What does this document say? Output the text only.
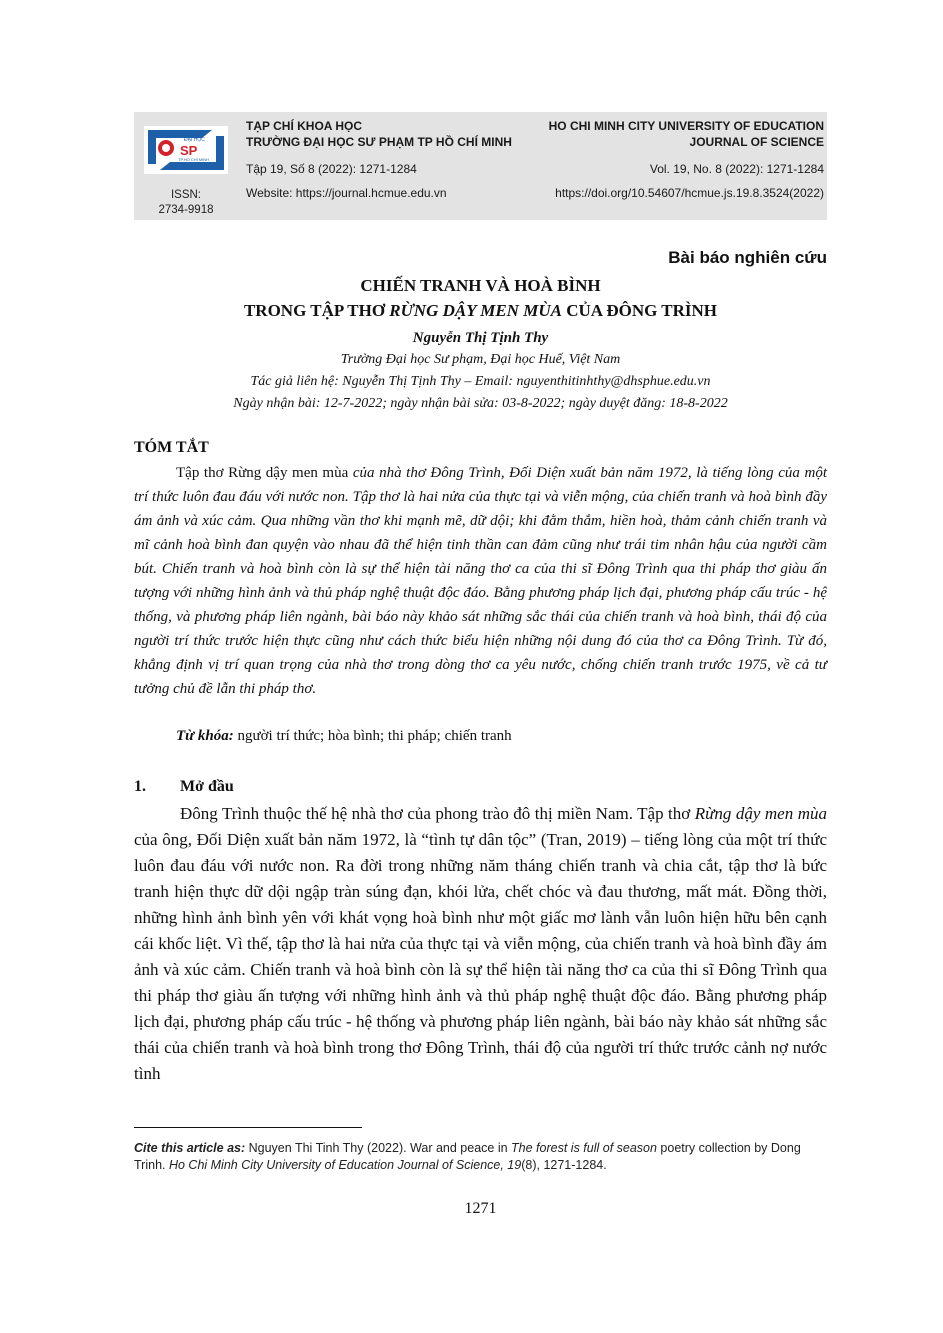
ĐẠI HỌC
SP
TP.HỒ CHÍ MINH
ISSN:
2734-9918
TẠP CHÍ KHOA HỌC
TRƯỜNG ĐẠI HỌC SƯ PHẠM TP HỒ CHÍ MINH
Tập 19, Số 8 (2022): 1271-1284
Website: https://journal.hcmue.edu.vn
HO CHI MINH CITY UNIVERSITY OF EDUCATION
JOURNAL OF SCIENCE
Vol. 19, No. 8 (2022): 1271-1284
https://doi.org/10.54607/hcmue.js.19.8.3524(2022)
Bài báo nghiên cứu
CHIẾN TRANH VÀ HOÀ BÌNH
TRONG TẬP THƠ RỪNG DẬY MEN MÙA CỦA ĐÔNG TRÌNH
Nguyễn Thị Tịnh Thy
Trường Đại học Sư phạm, Đại học Huế, Việt Nam
Tác giả liên hệ: Nguyễn Thị Tịnh Thy – Email: nguyenthitinhthy@dhsphue.edu.vn
Ngày nhận bài: 12-7-2022; ngày nhận bài sửa: 03-8-2022; ngày duyệt đăng: 18-8-2022
TÓM TẮT

Tập thơ Rừng dậy men mùa của nhà thơ Đông Trình, Đối Diện xuất bản năm 1972, là tiếng lòng của một trí thức luôn đau đáu với nước non. Tập thơ là hai nửa của thực tại và viễn mộng, của chiến tranh và hoà bình đầy ám ảnh và xúc cảm. Qua những vần thơ khi mạnh mẽ, dữ dội; khi đằm thắm, hiền hoà, thảm cảnh chiến tranh và mĩ cảnh hoà bình đan quyện vào nhau đã thể hiện tinh thần can đảm cũng như trái tim nhân hậu của người cầm bút. Chiến tranh và hoà bình còn là sự thể hiện tài năng thơ ca của thi sĩ Đông Trình qua thi pháp thơ giàu ấn tượng với những hình ảnh và thủ pháp nghệ thuật độc đáo. Bằng phương pháp lịch đại, phương pháp cấu trúc - hệ thống, và phương pháp liên ngành, bài báo này khảo sát những sắc thái của chiến tranh và hoà bình, thái độ của người trí thức trước hiện thực cũng như cách thức biểu hiện những nội dung đó của thơ ca Đông Trình. Từ đó, khẳng định vị trí quan trọng của nhà thơ trong dòng thơ ca yêu nước, chống chiến tranh trước 1975, về cả tư tưởng chủ đề lẫn thi pháp thơ.

Từ khóa: người trí thức; hòa bình; thi pháp; chiến tranh
1. Mở đầu

Đông Trình thuộc thế hệ nhà thơ của phong trào đô thị miền Nam. Tập thơ Rừng dậy men mùa của ông, Đối Diện xuất bản năm 1972, là “tình tự dân tộc” (Tran, 2019) – tiếng lòng của một trí thức luôn đau đáu với nước non. Ra đời trong những năm tháng chiến tranh và chia cắt, tập thơ là bức tranh hiện thực dữ dội ngập tràn súng đạn, khói lửa, chết chóc và đau thương, mất mát. Đồng thời, những hình ảnh bình yên với khát vọng hoà bình như một giấc mơ lành vẫn luôn hiện hữu bên cạnh cái khốc liệt. Vì thế, tập thơ là hai nửa của thực tại và viễn mộng, của chiến tranh và hoà bình đầy ám ảnh và xúc cảm. Chiến tranh và hoà bình còn là sự thể hiện tài năng thơ ca của thi sĩ Đông Trình qua thi pháp thơ giàu ấn tượng với những hình ảnh và thủ pháp nghệ thuật độc đáo. Bằng phương pháp lịch đại, phương pháp cấu trúc - hệ thống và phương pháp liên ngành, bài báo này khảo sát những sắc thái của chiến tranh và hoà bình trong thơ Đông Trình, thái độ của người trí thức trước cảnh nợ nước tình

Cite this article as: Nguyen Thi Tinh Thy (2022). War and peace in The forest is full of season poetry collection by Dong Trinh. Ho Chi Minh City University of Education Journal of Science, 19(8), 1271-1284.

1271
